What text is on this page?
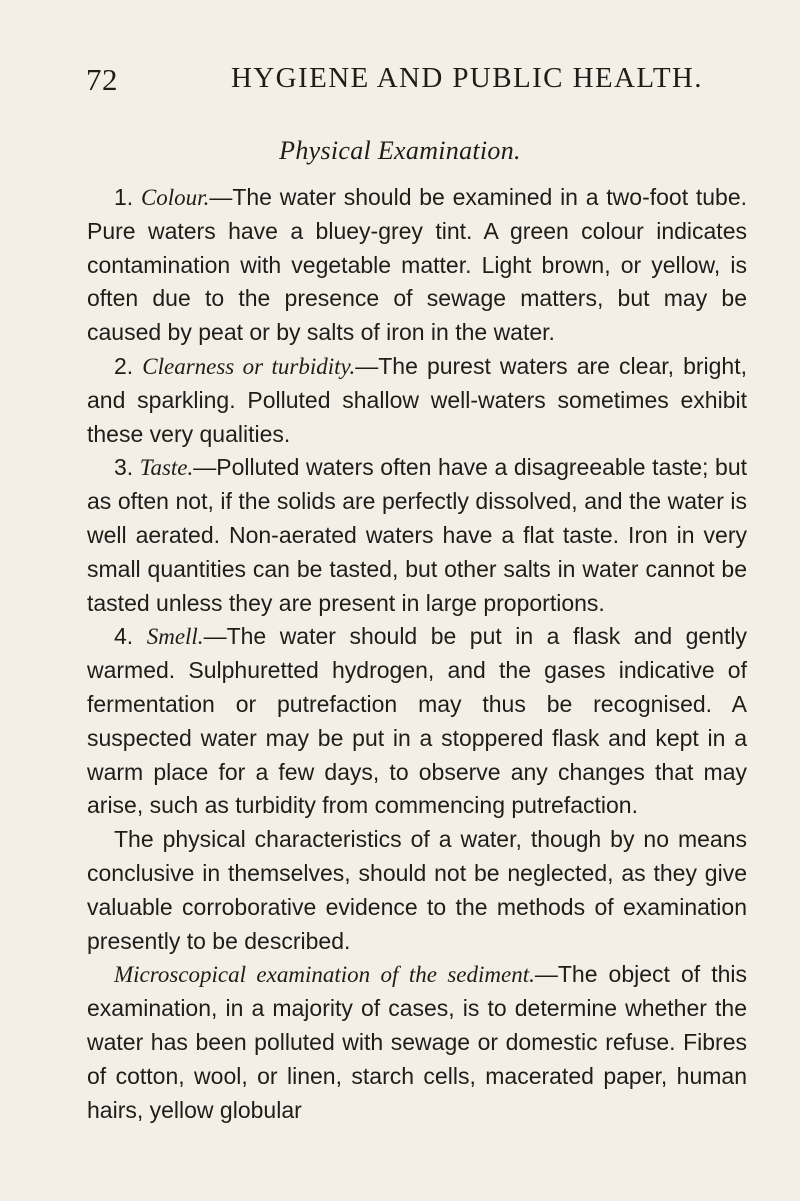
72	HYGIENE AND PUBLIC HEALTH.
Physical Examination.

1. Colour.—The water should be examined in a two-foot tube. Pure waters have a bluey-grey tint. A green colour indicates contamination with vegetable matter. Light brown, or yellow, is often due to the presence of sewage matters, but may be caused by peat or by salts of iron in the water.

2. Clearness or turbidity.—The purest waters are clear, bright, and sparkling. Polluted shallow well-waters sometimes exhibit these very qualities.

3. Taste.—Polluted waters often have a disagreeable taste; but as often not, if the solids are perfectly dissolved, and the water is well aerated. Non-aerated waters have a flat taste. Iron in very small quantities can be tasted, but other salts in water cannot be tasted unless they are present in large proportions.

4. Smell.—The water should be put in a flask and gently warmed. Sulphuretted hydrogen, and the gases indicative of fermentation or putrefaction may thus be recognised. A suspected water may be put in a stoppered flask and kept in a warm place for a few days, to observe any changes that may arise, such as turbidity from commencing putrefaction.

The physical characteristics of a water, though by no means conclusive in themselves, should not be neglected, as they give valuable corroborative evidence to the methods of examination presently to be described.

Microscopical examination of the sediment.—The object of this examination, in a majority of cases, is to determine whether the water has been polluted with sewage or domestic refuse. Fibres of cotton, wool, or linen, starch cells, macerated paper, human hairs, yellow globular
